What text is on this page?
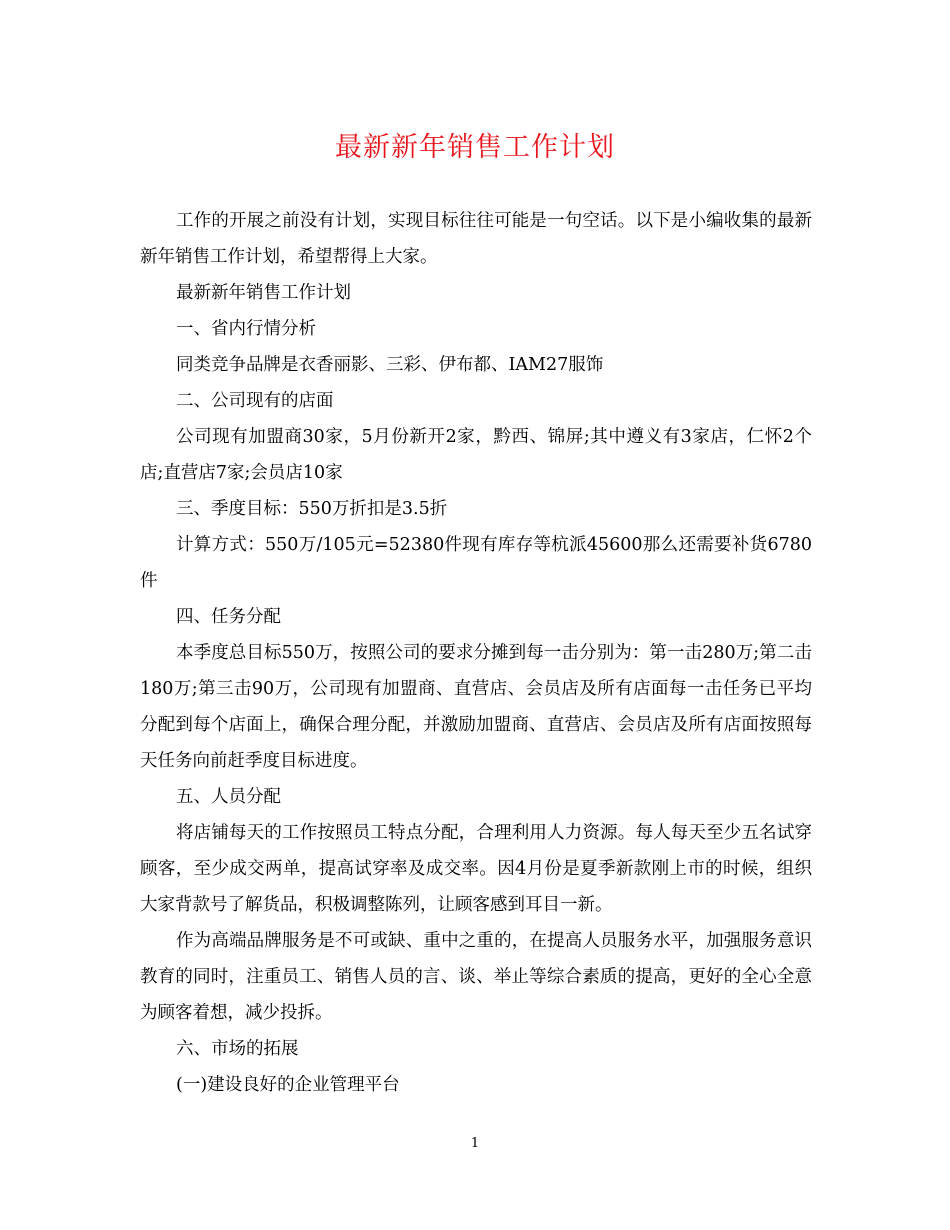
最新新年销售工作计划

工作的开展之前没有计划，实现目标往往可能是一句空话。以下是小编收集的最新新年销售工作计划，希望帮得上大家。

最新新年销售工作计划

一、省内行情分析

同类竞争品牌是衣香丽影、三彩、伊布都、IAM27服饰

二、公司现有的店面

公司现有加盟商30家，5月份新开2家，黔西、锦屏;其中遵义有3家店，仁怀2个店;直营店7家;会员店10家

三、季度目标：550万折扣是3.5折

计算方式：550万/105元=52380件现有库存等杭派45600那么还需要补货6780件

四、任务分配

本季度总目标550万，按照公司的要求分摊到每一击分别为：第一击280万;第二击180万;第三击90万，公司现有加盟商、直营店、会员店及所有店面每一击任务已平均分配到每个店面上，确保合理分配，并激励加盟商、直营店、会员店及所有店面按照每天任务向前赶季度目标进度。

五、人员分配

将店铺每天的工作按照员工特点分配，合理利用人力资源。每人每天至少五名试穿顾客，至少成交两单，提高试穿率及成交率。因4月份是夏季新款刚上市的时候，组织大家背款号了解货品，积极调整陈列，让顾客感到耳目一新。

作为高端品牌服务是不可或缺、重中之重的，在提高人员服务水平，加强服务意识教育的同时，注重员工、销售人员的言、谈、举止等综合素质的提高，更好的全心全意为顾客着想，减少投拆。

六、市场的拓展

(一)建设良好的企业管理平台

1
